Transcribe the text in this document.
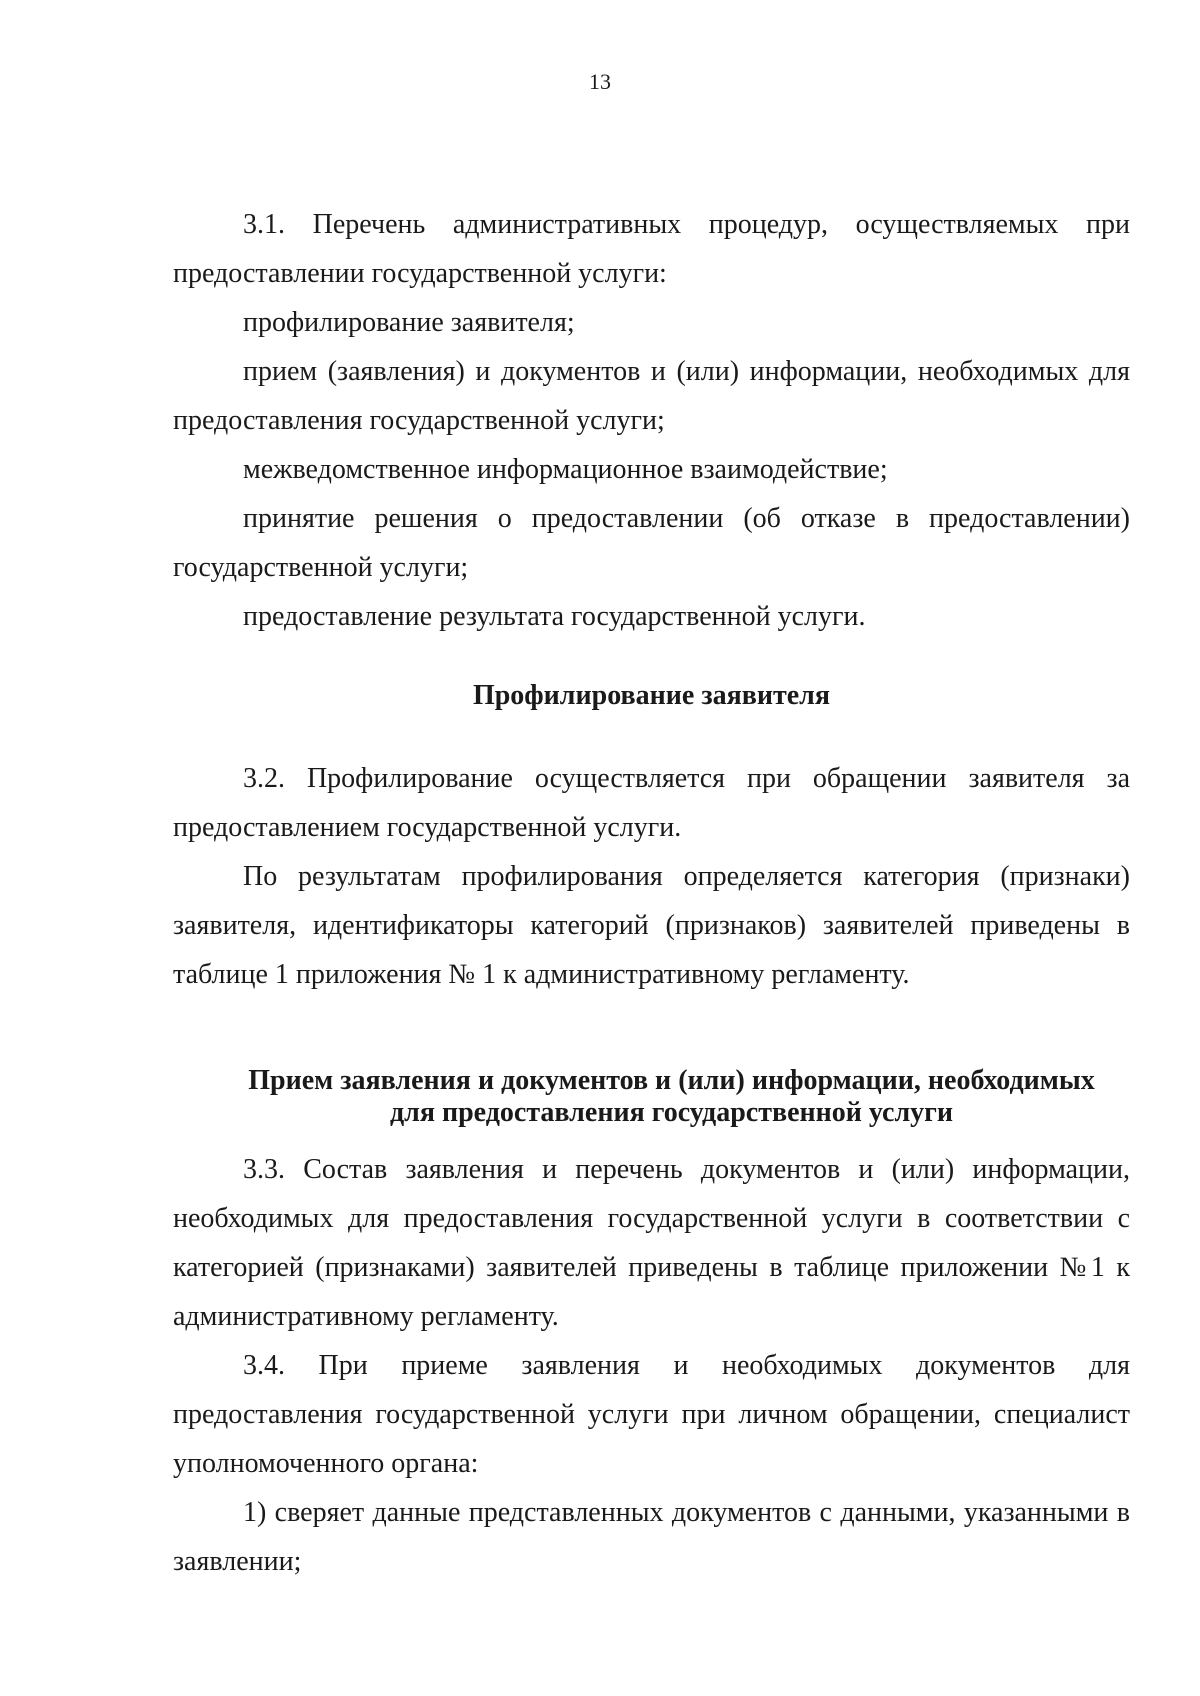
13

3.1. Перечень административных процедур, осуществляемых при предоставлении государственной услуги:

профилирование заявителя;

прием (заявления) и документов и (или) информации, необходимых для предоставления государственной услуги;

межведомственное информационное взаимодействие;

принятие решения о предоставлении (об отказе в предоставлении) государственной услуги;

предоставление результата государственной услуги.

Профилирование заявителя

3.2. Профилирование осуществляется при обращении заявителя за предоставлением государственной услуги.

По результатам профилирования определяется категория (признаки) заявителя, идентификаторы категорий (признаков) заявителей приведены в таблице 1 приложения № 1 к административному регламенту.

Прием заявления и документов и (или) информации, необходимых
для предоставления государственной услуги

3.3. Состав заявления и перечень документов и (или) информации, необходимых для предоставления государственной услуги в соответствии с категорией (признаками) заявителей приведены в таблице приложении №1 к административному регламенту.

3.4. При приеме заявления и необходимых документов для предоставления государственной услуги при личном обращении, специалист уполномоченного органа:

1) сверяет данные представленных документов с данными, указанными в заявлении;
